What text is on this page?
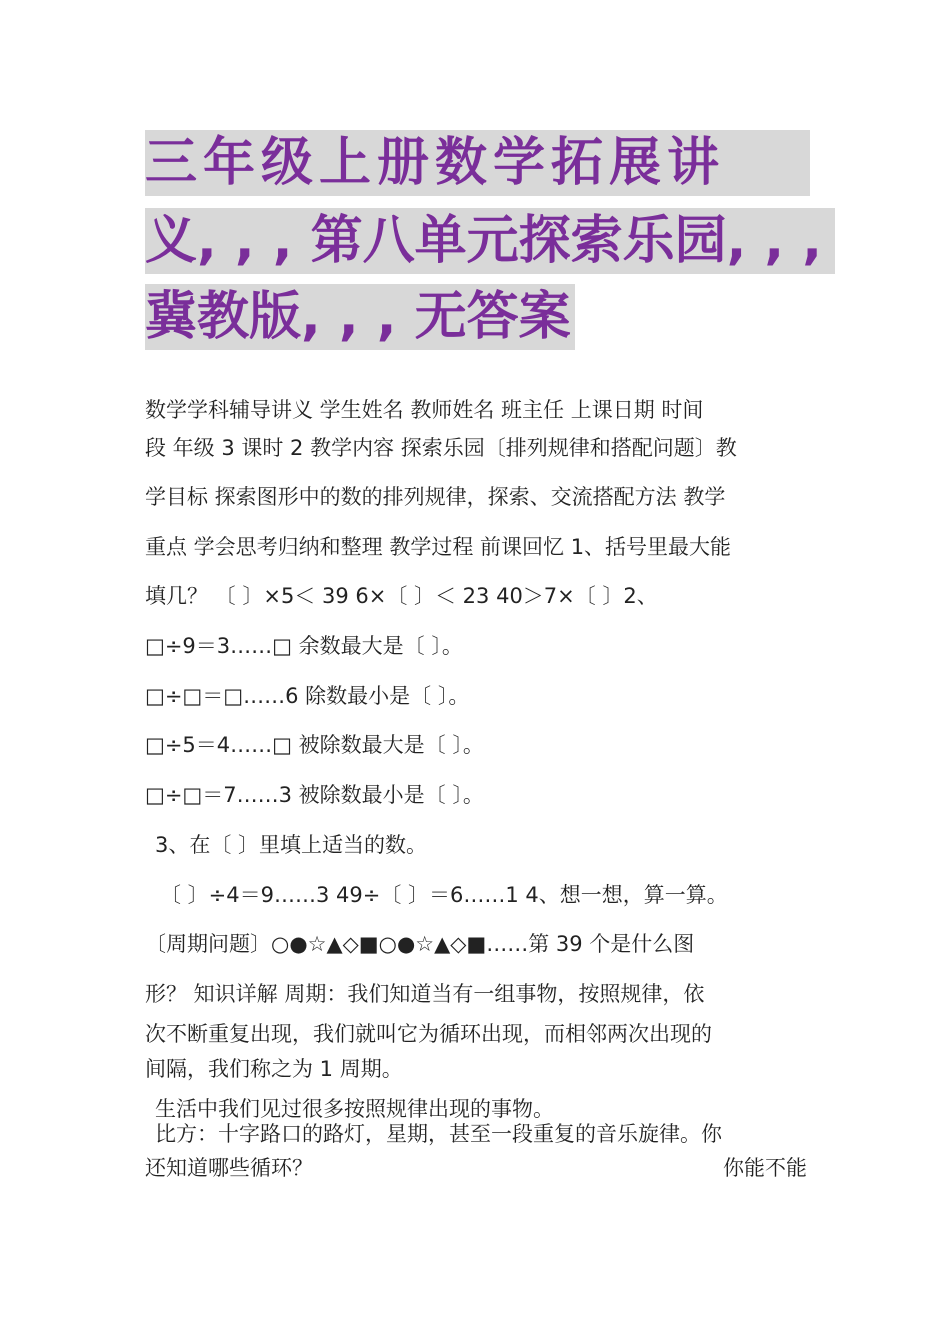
三年级上册数学拓展讲
义, , , 第八单元探索乐园, , ,
冀教版, , , 无答案
数学学科辅导讲义 学生姓名 教师姓名 班主任 上课日期 时间
段 年级 3 课时 2 教学内容 探索乐园〔排列规律和搭配问题〕教
学目标 探索图形中的数的排列规律，探索、交流搭配方法 教学
重点 学会思考归纳和整理 教学过程 前课回忆 1、括号里最大能
填几？ 〔 〕×5＜ 39 6×〔 〕＜ 23 40＞7×〔 〕2、
□÷9＝3……□ 余数最大是〔 〕。
□÷□＝□……6 除数最小是〔 〕。
□÷5＝4……□ 被除数最大是〔 〕。
□÷□＝7……3 被除数最小是〔 〕。
3、在〔 〕里填上适当的数。
〔 〕÷4＝9……3 49÷〔 〕＝6……1 4、想一想，算一算。
〔周期问题〕○●☆▲◇■○●☆▲◇■……第 39 个是什么图
形？ 知识详解 周期：我们知道当有一组事物，按照规律，依
次不断重复出现，我们就叫它为循环出现，而相邻两次出现的
间隔，我们称之为 1 周期。
生活中我们见过很多按照规律出现的事物。
比方：十字路口的路灯，星期，甚至一段重复的音乐旋律。你
还知道哪些循环？	你能不能
